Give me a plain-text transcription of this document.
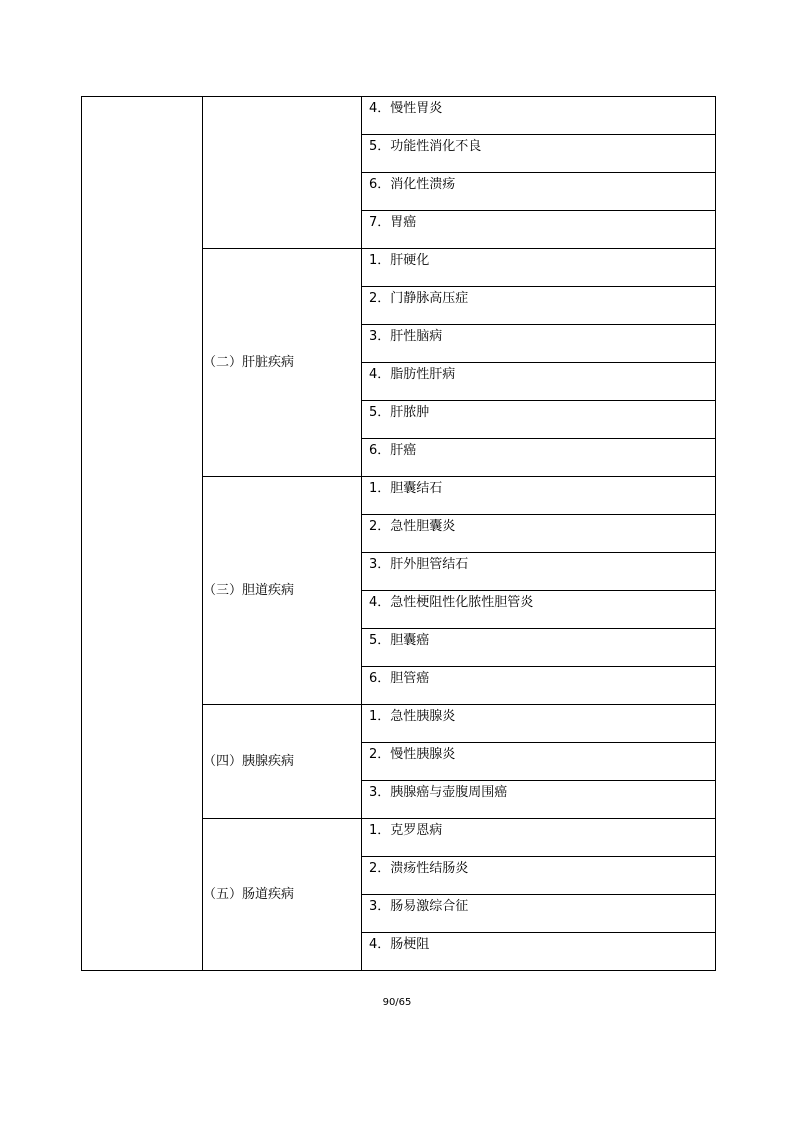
		4．慢性胃炎

		5．功能性消化不良

		6．消化性溃疡

		7．胃癌

	（二）肝脏疾病	1．肝硬化

		2．门静脉高压症

		3．肝性脑病

		4．脂肪性肝病

		5．肝脓肿

		6．肝癌

	（三）胆道疾病	1．胆囊结石

		2．急性胆囊炎

		3．肝外胆管结石

		4．急性梗阻性化脓性胆管炎

		5．胆囊癌

		6．胆管癌

	（四）胰腺疾病	1．急性胰腺炎

		2．慢性胰腺炎

		3．胰腺癌与壶腹周围癌

	（五）肠道疾病	1．克罗恩病

		2．溃疡性结肠炎

		3．肠易激综合征

		4．肠梗阻
90/65
